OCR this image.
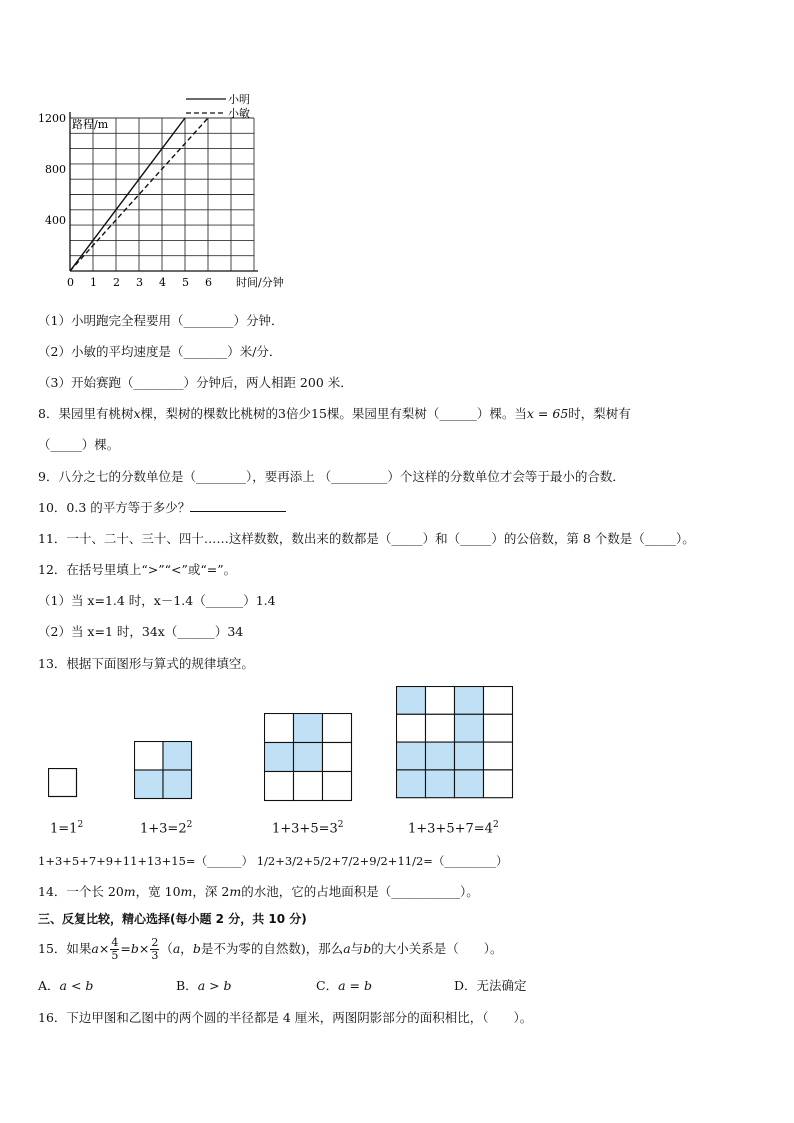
0 1 2 3 4 5 6
400
800
1200
小明
小敏
路程/m
时间/分钟
（1）小明跑完全程要用（________）分钟．
（2）小敏的平均速度是（_______）米/分．
（3）开始赛跑（________）分钟后，两人相距 200 米．
8．果园里有桃树x棵，梨树的棵数比桃树的3倍少15棵。果园里有梨树（______）棵。当x = 65时，梨树有
（_____）棵。
9．八分之七的分数单位是（________），要再添上 （_________）个这样的分数单位才会等于最小的合数．
10．0.3 的平方等于多少？
11．一十、二十、三十、四十……这样数数，数出来的数都是（_____）和（_____）的公倍数，第 8 个数是（_____）。
12．在括号里填上“>”“<”或“=”。
（1）当 x=1.4 时，x－1.4（______）1.4
（2）当 x=1 时，34x（______）34
13．根据下面图形与算式的规律填空。
$1=1^2$	$1+3=2^2$	$1+3+5=3^2$	$1+3+5+7=4^2$
1+3+5+7+9+11+13+15=（______） 1/2+3/2+5/2+7/2+9/2+11/2=（_________）
14．一个长 20m，宽 10m，深 2m的水池，它的占地面积是（___________）。
三、反复比较，精心选择(每小题 2 分，共 10 分)
15．如果$a\times \frac{4}{5} =b\times \frac{2}{3} (a$，b是不为零的自然数)，那么a与b的大小关系是（　　）。
A．a < b	B．a > b	C．a = b	D．无法确定
16．下边甲图和乙图中的两个圆的半径都是 4 厘米，两图阴影部分的面积相比，（　　）。
